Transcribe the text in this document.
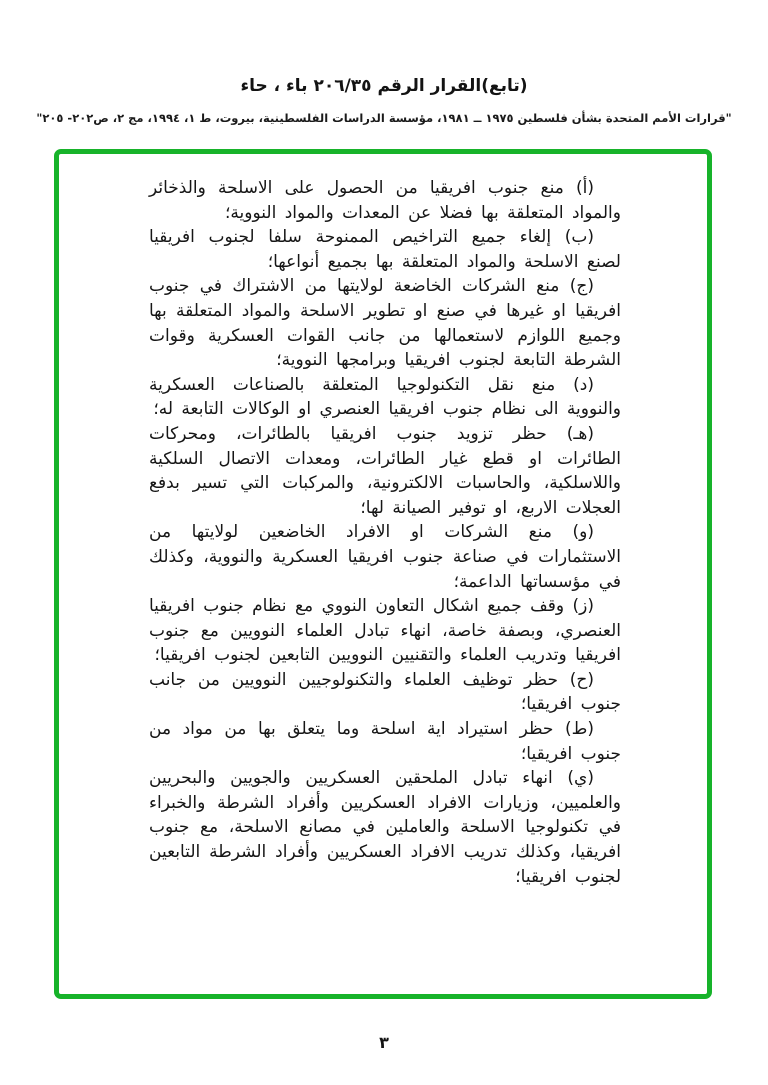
(تابع)القرار الرقم ٢٠٦/٣٥ باء ، حاء
"قرارات الأمم المتحدة بشأن فلسطين ١٩٧٥ ــ ١٩٨١، مؤسسة الدراسات الفلسطينية، بيروت، ط ١، ١٩٩٤، مج ٢، ص٢٠٢- ٢٠٥"

(أ) منع جنوب افريقيا من الحصول على الاسلحة والذخائر والمواد المتعلقة بها فضلا عن المعدات والمواد النووية؛

(ب) إلغاء جميع التراخيص الممنوحة سلفا لجنوب افريقيا لصنع الاسلحة والمواد المتعلقة بها بجميع أنواعها؛

(ج) منع الشركات الخاضعة لولايتها من الاشتراك في جنوب افريقيا او غيرها في صنع او تطوير الاسلحة والمواد المتعلقة بها وجميع اللوازم لاستعمالها من جانب القوات العسكرية وقوات الشرطة التابعة لجنوب افريقيا وبرامجها النووية؛

(د) منع نقل التكنولوجيا المتعلقة بالصناعات العسكرية والنووية الى نظام جنوب افريقيا العنصري او الوكالات التابعة له؛

(هـ) حظر تزويد جنوب افريقيا بالطائرات، ومحركات الطائرات او قطع غيار الطائرات، ومعدات الاتصال السلكية واللاسلكية، والحاسبات الالكترونية، والمركبات التي تسير بدفع العجلات الاربع، او توفير الصيانة لها؛

(و) منع الشركات او الافراد الخاضعين لولايتها من الاستثمارات في صناعة جنوب افريقيا العسكرية والنووية، وكذلك في مؤسساتها الداعمة؛

(ز) وقف جميع اشكال التعاون النووي مع نظام جنوب افريقيا العنصري، وبصفة خاصة، انهاء تبادل العلماء النوويين مع جنوب افريقيا وتدريب العلماء والتقنيين النوويين التابعين لجنوب افريقيا؛

(ح) حظر توظيف العلماء والتكنولوجيين النوويين من جانب جنوب افريقيا؛

(ط) حظر استيراد اية اسلحة وما يتعلق بها من مواد من جنوب افريقيا؛

(ي) انهاء تبادل الملحقين العسكريين والجويين والبحريين والعلميين، وزيارات الافراد العسكريين وأفراد الشرطة والخبراء في تكنولوجيا الاسلحة والعاملين في مصانع الاسلحة، مع جنوب افريقيا، وكذلك تدريب الافراد العسكريين وأفراد الشرطة التابعين لجنوب افريقيا؛

٣
